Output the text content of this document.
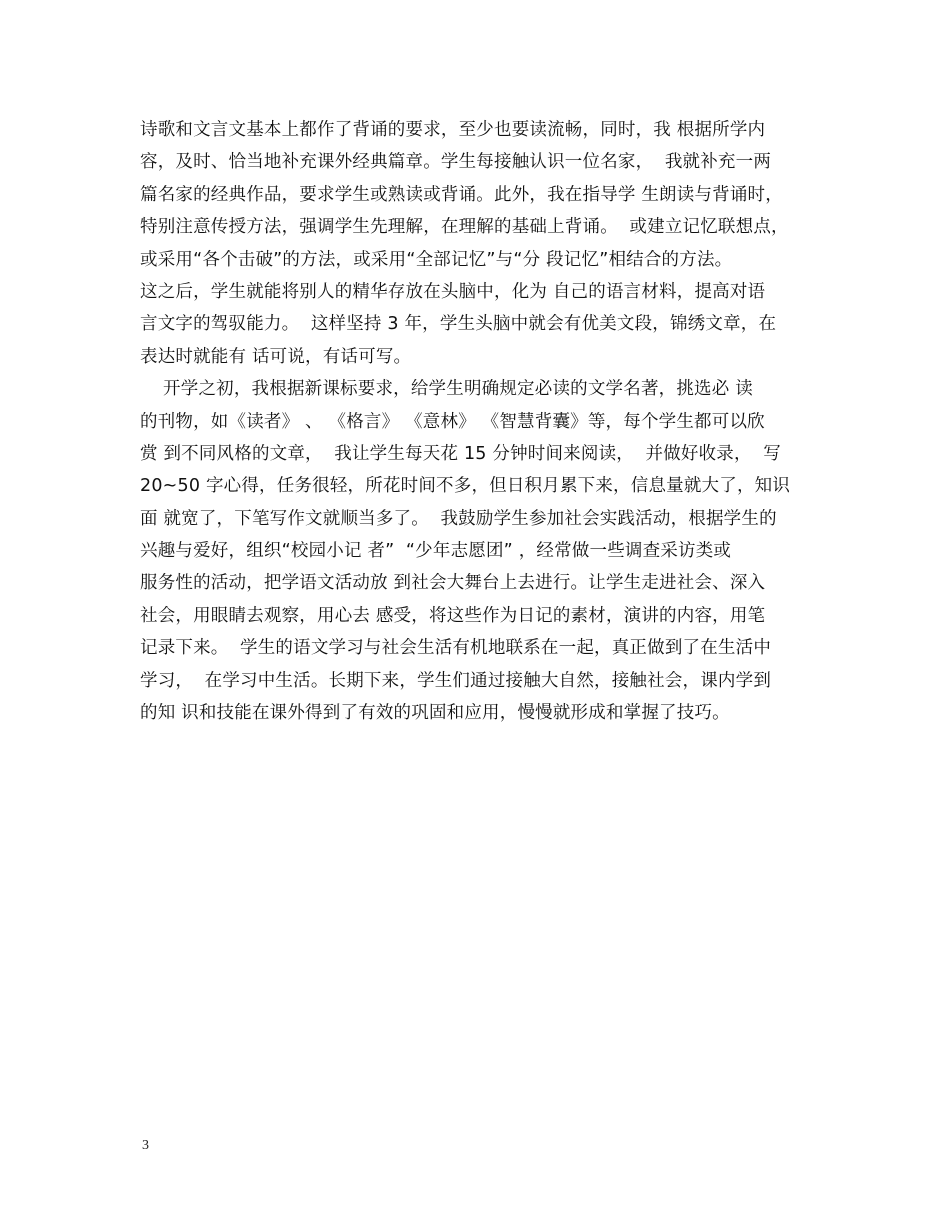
诗歌和文言文基本上都作了背诵的要求，至少也要读流畅，同时，我 根据所学内
容，及时、恰当地补充课外经典篇章。学生每接触认识一位名家，  我就补充一两
篇名家的经典作品，要求学生或熟读或背诵。此外，我在指导学 生朗读与背诵时，
特别注意传授方法，强调学生先理解，在理解的基础上背诵。  或建立记忆联想点，
或采用“各个击破”的方法，或采用“全部记忆”与“分 段记忆”相结合的方法。
这之后，学生就能将别人的精华存放在头脑中，化为 自己的语言材料，提高对语
言文字的驾驭能力。  这样坚持 3 年，学生头脑中就会有优美文段，锦绣文章，在
表达时就能有 话可说，有话可写。
开学之初，我根据新课标要求，给学生明确规定必读的文学名著，挑选必 读
的刊物，如《读者》 、 《格言》 《意林》 《智慧背囊》等，每个学生都可以欣
赏 到不同风格的文章，  我让学生每天花 15 分钟时间来阅读，  并做好收录，  写
20~50 字心得，任务很轻，所花时间不多，但日积月累下来，信息量就大了，知识
面 就宽了，下笔写作文就顺当多了。  我鼓励学生参加社会实践活动，根据学生的
兴趣与爱好，组织“校园小记 者”  “少年志愿团” ，经常做一些调查采访类或
服务性的活动，把学语文活动放 到社会大舞台上去进行。让学生走进社会、深入
社会，用眼睛去观察，用心去 感受，将这些作为日记的素材，演讲的内容，用笔
记录下来。  学生的语文学习与社会生活有机地联系在一起，真正做到了在生活中
学习，  在学习中生活。长期下来，学生们通过接触大自然，接触社会，课内学到
的知 识和技能在课外得到了有效的巩固和应用，慢慢就形成和掌握了技巧。
3
